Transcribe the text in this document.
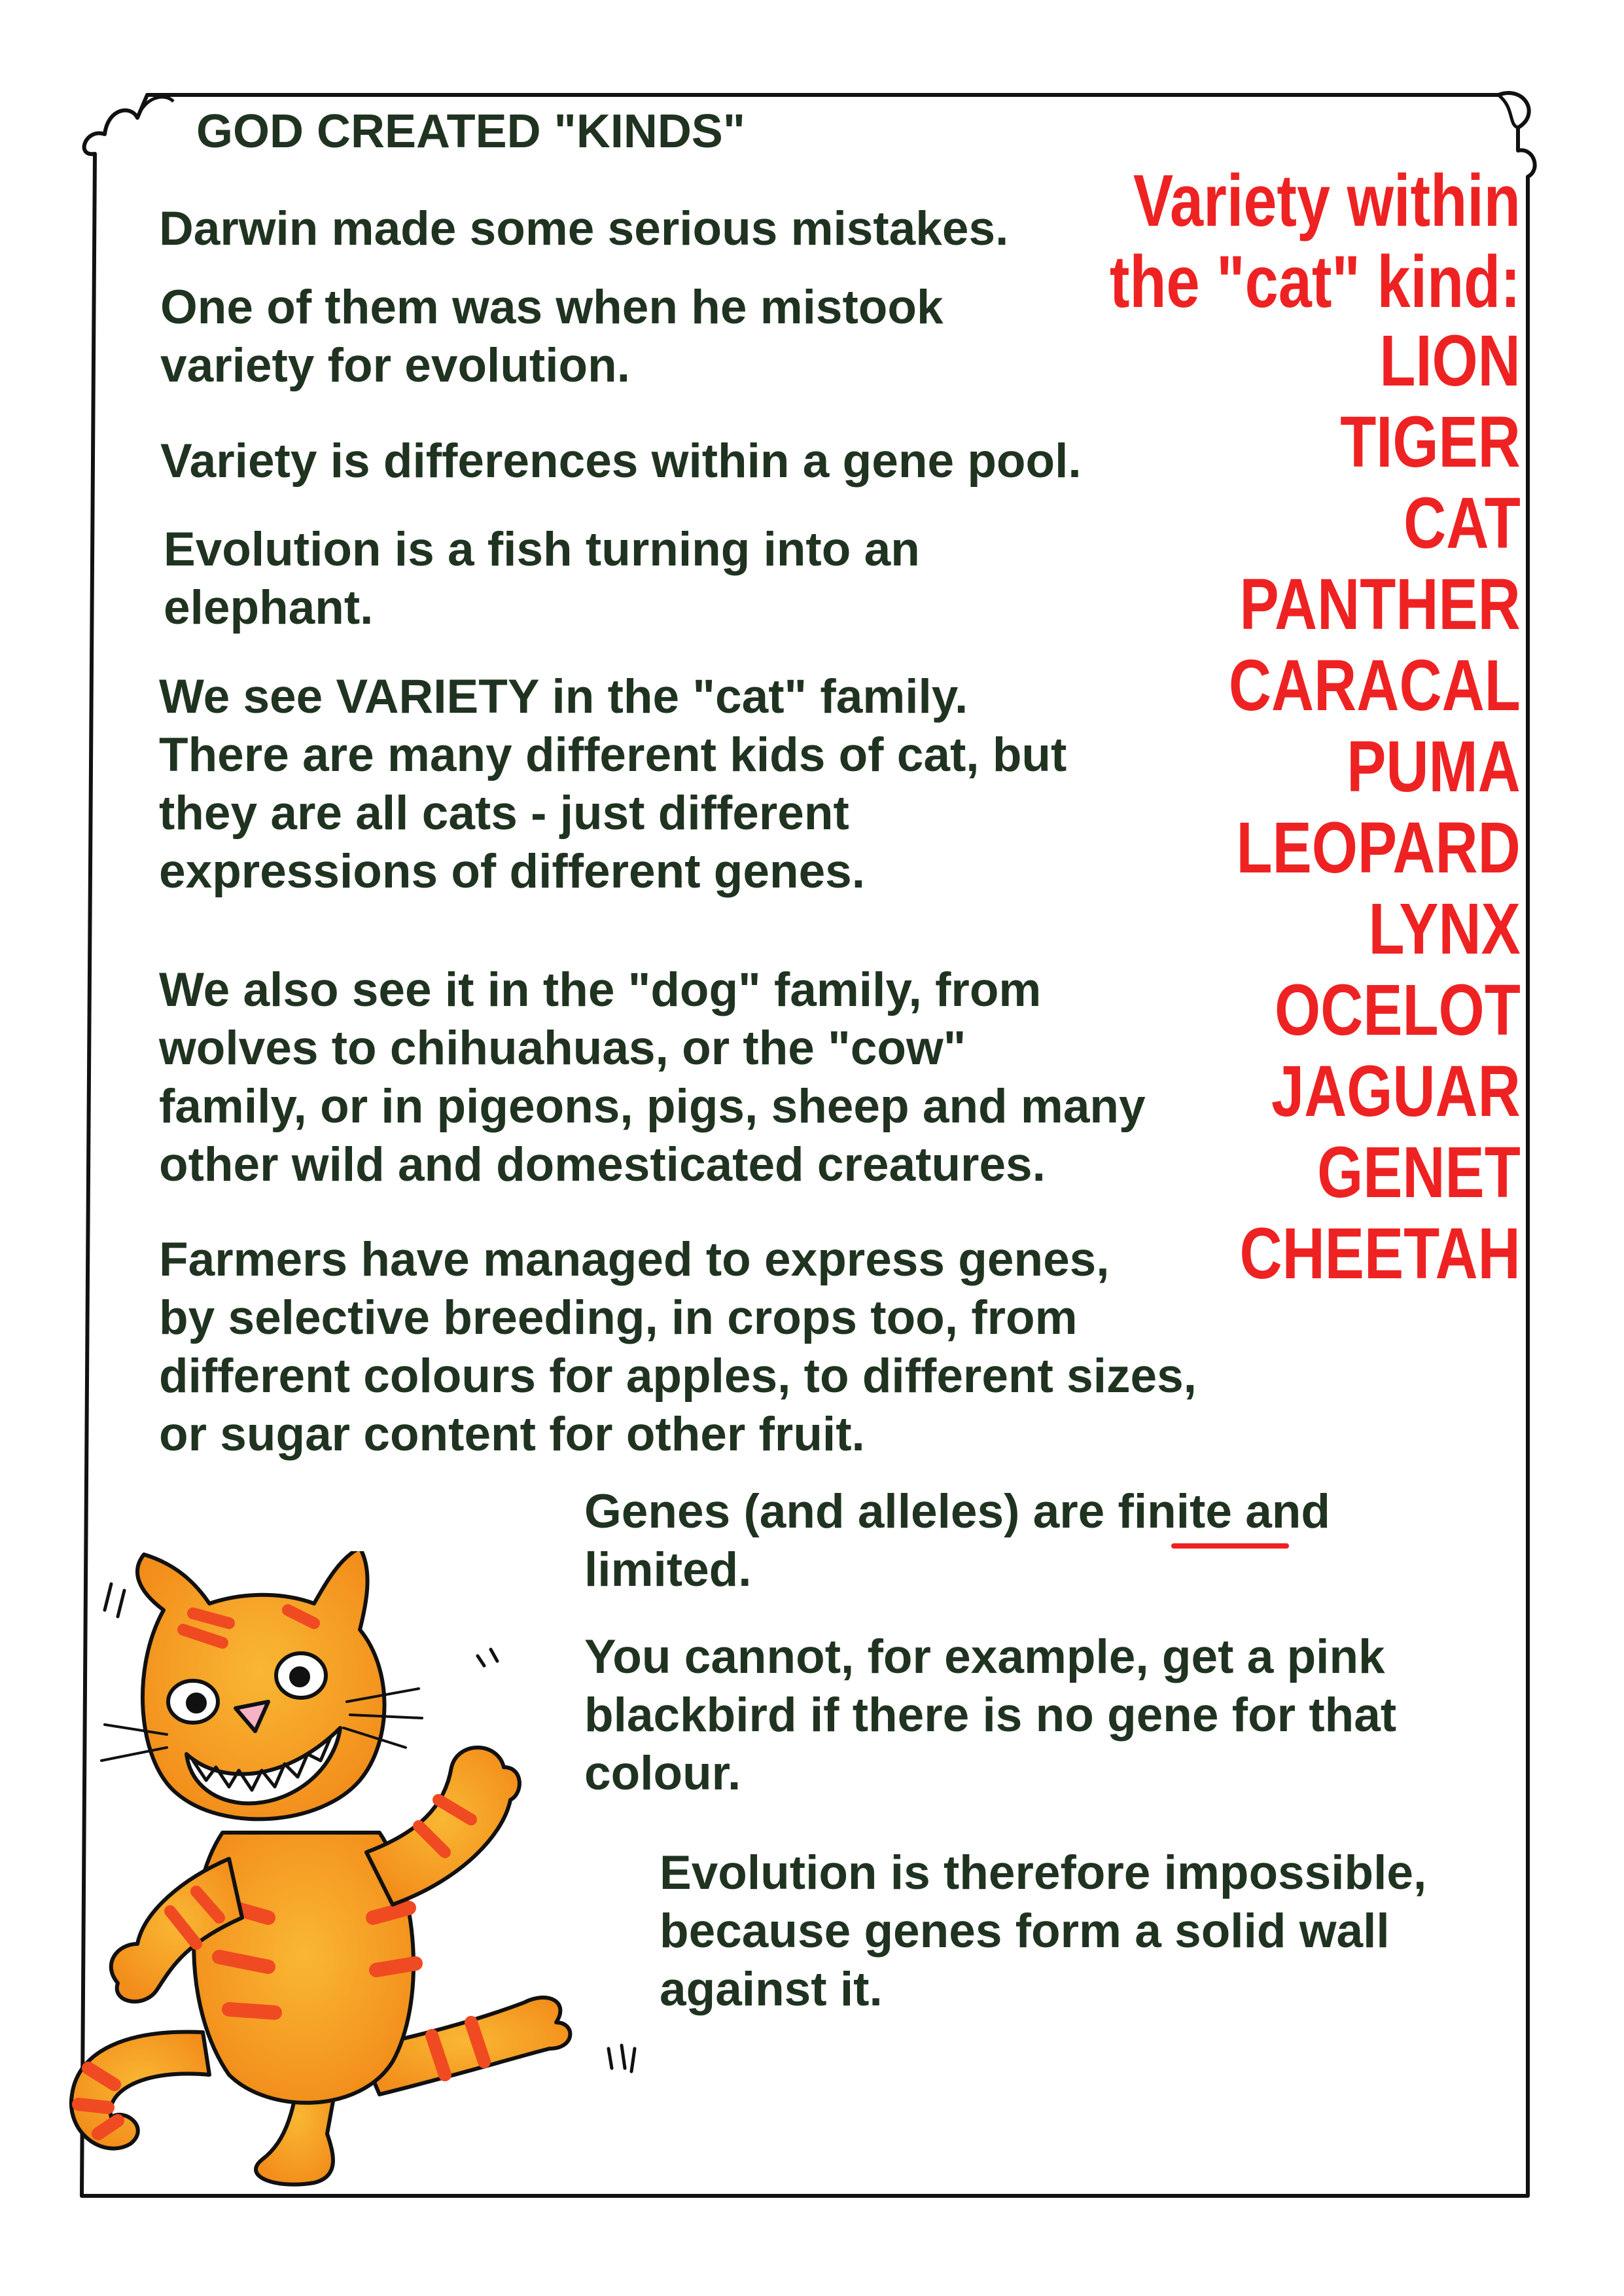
GOD CREATED "KINDS"
Darwin made some serious mistakes.
One of them was when he mistook
variety for evolution.
Variety is differences within a gene pool.
Evolution is a fish turning into an
elephant.
We see VARIETY in the "cat" family.
There are many different kids of cat, but
they are all cats - just different
expressions of different genes.
We also see it in the "dog" family, from
wolves to chihuahuas, or the "cow"
family, or in pigeons, pigs, sheep and many
other wild and domesticated creatures.
Farmers have managed to express genes,
by selective breeding, in crops too, from
different colours for apples, to different sizes,
or sugar content for other fruit.
Genes (and alleles) are finite and
limited.
You cannot, for example, get a pink
blackbird if there is no gene for that
colour.
Evolution is therefore impossible,
because genes form a solid wall
against it.
Variety within
the "cat" kind:
LION
TIGER
CAT
PANTHER
CARACAL
PUMA
LEOPARD
LYNX
OCELOT
JAGUAR
GENET
CHEETAH
